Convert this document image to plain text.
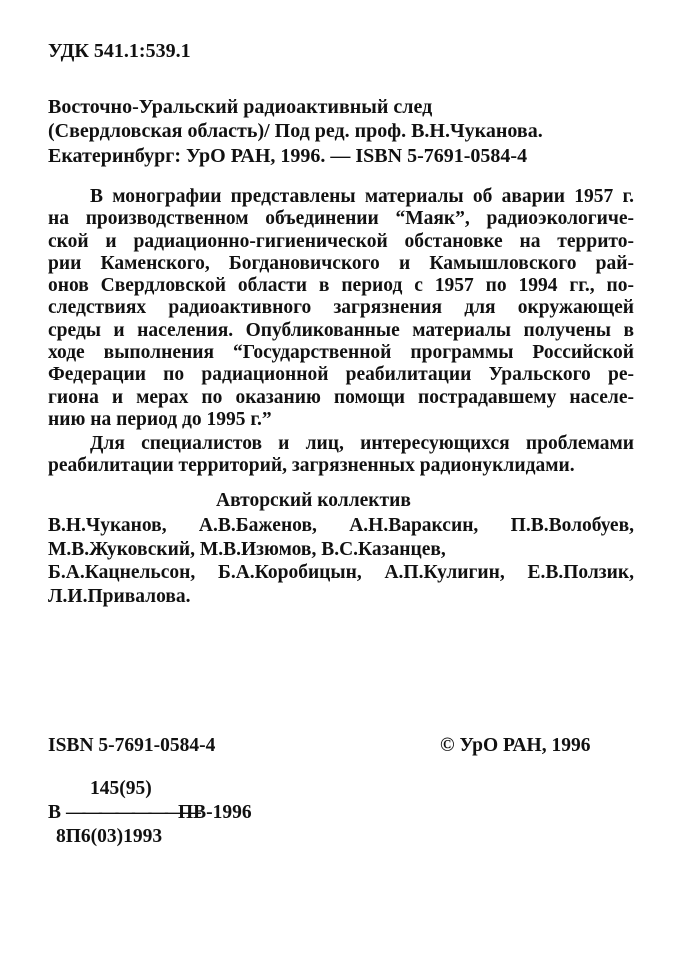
УДК 541.1:539.1
Восточно-Уральский радиоактивный след
(Свердловская область)/ Под ред. проф. В.Н.Чуканова.
Екатеринбург: УрО РАН, 1996. — ISBN 5-7691-0584-4
В монографии представлены материалы об аварии 1957 г.
на производственном объединении “Маяк”, радиоэкологиче-
ской и радиационно-гигиенической обстановке на террито-
рии Каменского, Богдановичского и Камышловского рай-
онов Свердловской области в период с 1957 по 1994 гг., по-
следствиях радиоактивного загрязнения для окружающей
среды и населения. Опубликованные материалы получены в
ходе выполнения “Государственной программы Российской
Федерации по радиационной реабилитации Уральского ре-
гиона и мерах по оказанию помощи пострадавшему населе-
нию на период до 1995 г.”
Для специалистов и лиц, интересующихся проблемами
реабилитации территорий, загрязненных радионуклидами.
Авторский коллектив
В.Н.Чуканов, А.В.Баженов, А.Н.Вараксин, П.В.Волобуев,
М.В.Жуковский, М.В.Изюмов, В.С.Казанцев,
Б.А.Кацнельсон, Б.А.Коробицын, А.П.Кулигин, Е.В.Ползик,
Л.И.Привалова.
ISBN 5-7691-0584-4	© УрО РАН, 1996
145(95)
В ————————
ПВ-1996
8П6(03)1993
